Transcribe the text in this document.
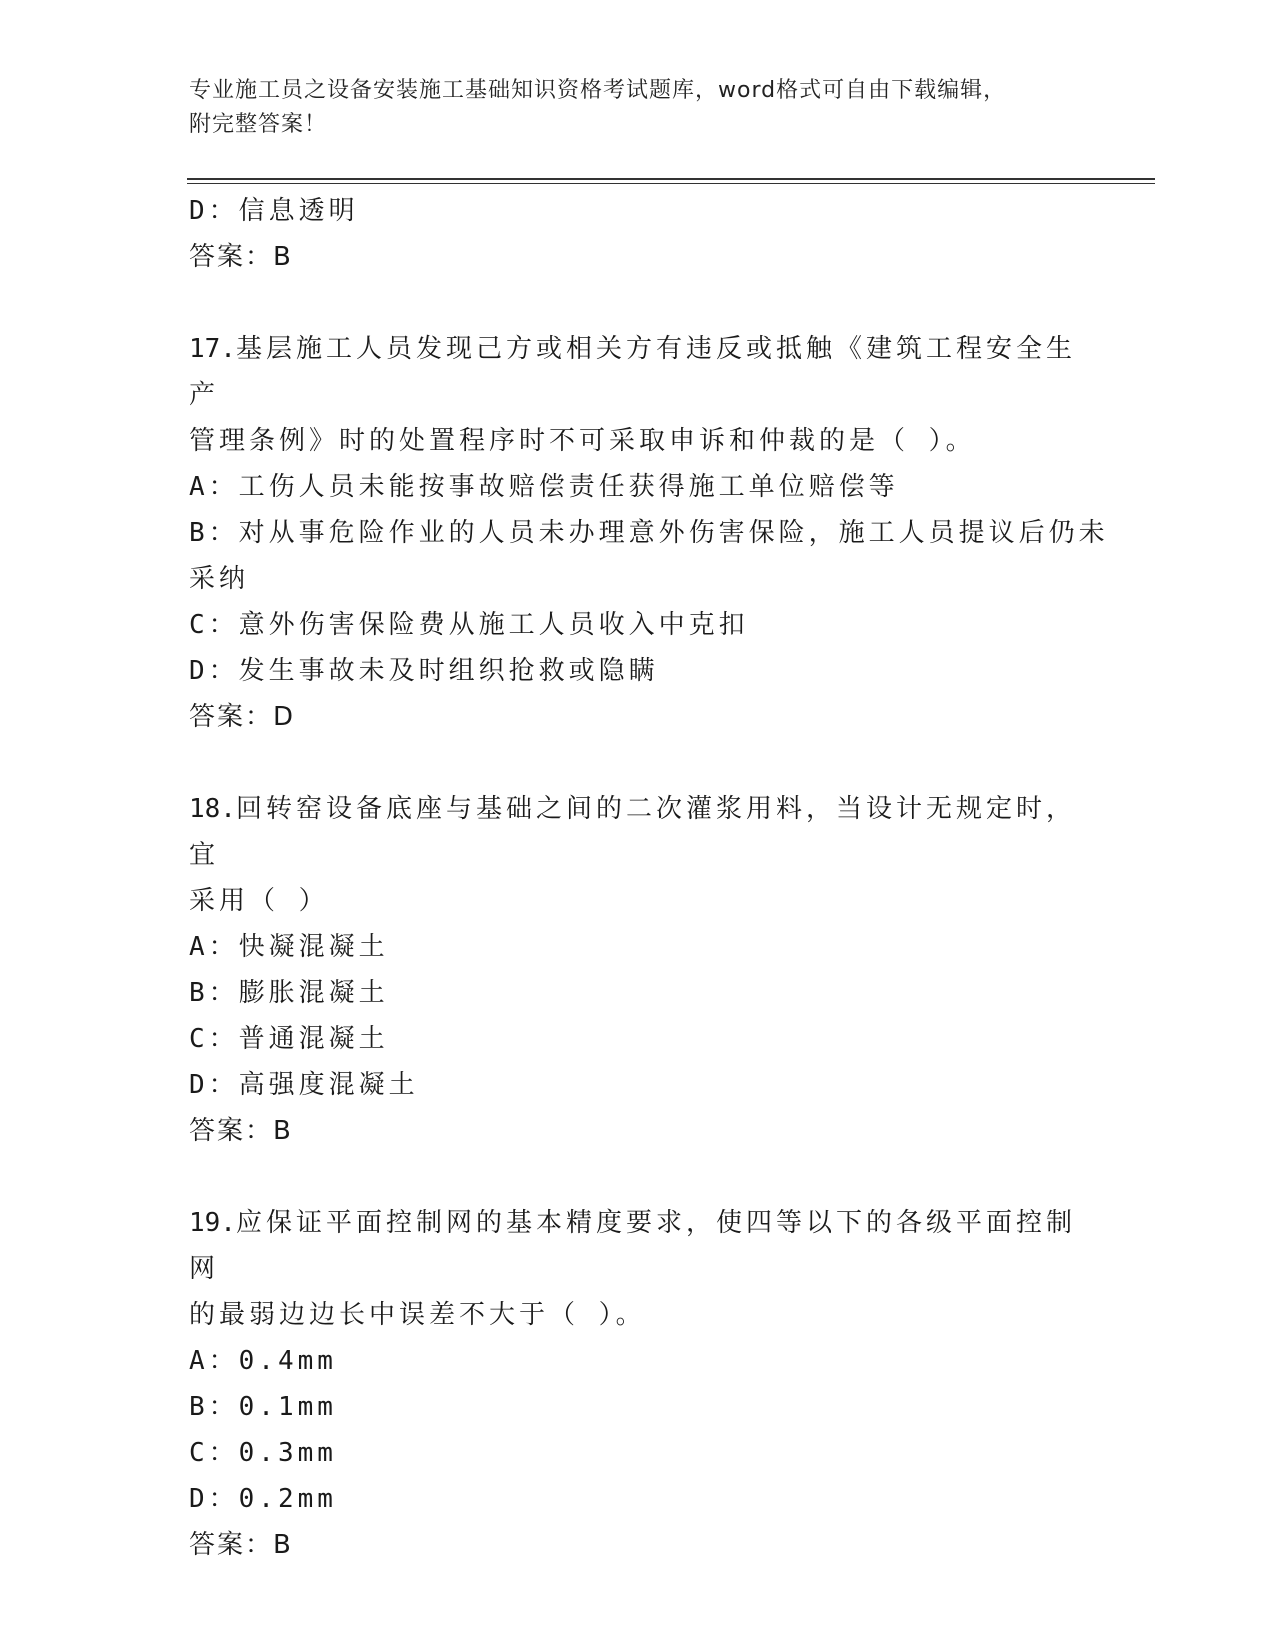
专业施工员之设备安装施工基础知识资格考试题库，word格式可自由下载编辑，
附完整答案！
D：信息透明
答案：B
17.基层施工人员发现己方或相关方有违反或抵触《建筑工程安全生产
管理条例》时的处置程序时不可采取申诉和仲裁的是（ ）。
A：工伤人员未能按事故赔偿责任获得施工单位赔偿等
B：对从事危险作业的人员未办理意外伤害保险，施工人员提议后仍未
采纳
C：意外伤害保险费从施工人员收入中克扣
D：发生事故未及时组织抢救或隐瞒
答案：D
18.回转窑设备底座与基础之间的二次灌浆用料，当设计无规定时，宜
采用（ ）
A：快凝混凝土
B：膨胀混凝土
C：普通混凝土
D：高强度混凝土
答案：B
19.应保证平面控制网的基本精度要求，使四等以下的各级平面控制网
的最弱边边长中误差不大于（ ）。
A：0.4mm
B：0.1mm
C：0.3mm
D：0.2mm
答案：B
